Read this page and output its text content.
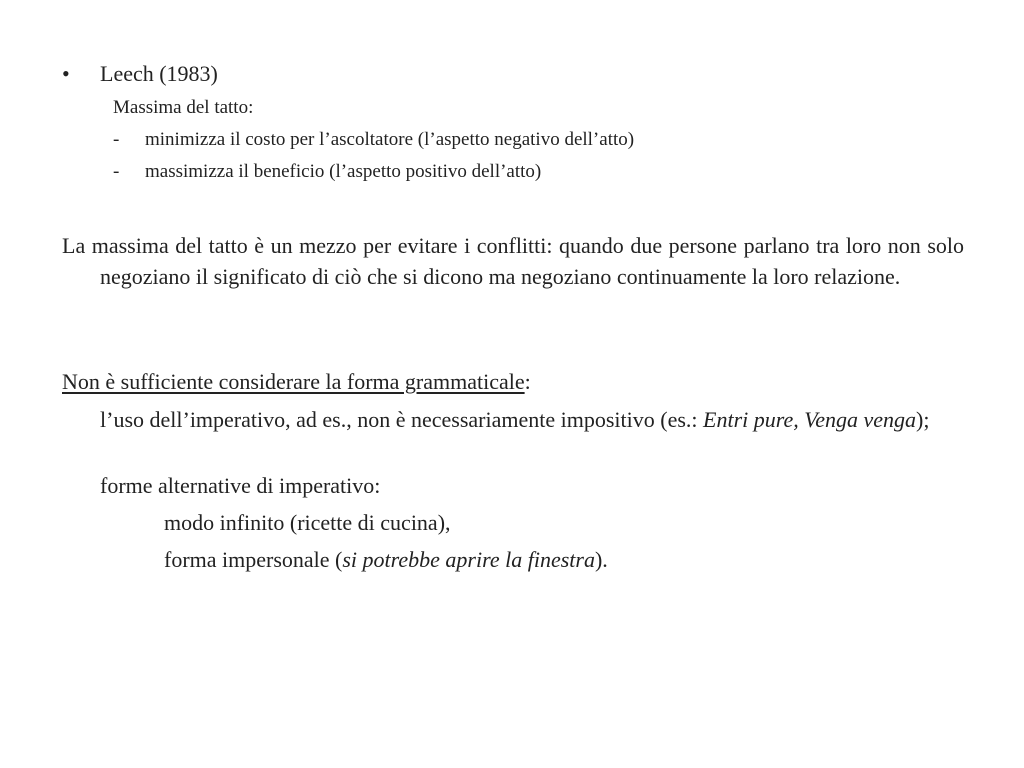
• Leech (1983)
Massima del tatto:
- minimizza il costo per l’ascoltatore (l’aspetto negativo dell’atto)
- massimizza il beneficio (l’aspetto positivo dell’atto)
La massima del tatto è un mezzo per evitare i conflitti: quando due persone parlano tra loro non solo negoziano il significato di ciò che si dicono ma negoziano continuamente la loro relazione.
Non è sufficiente considerare la forma grammaticale:
l’uso dell’imperativo, ad es., non è necessariamente impositivo (es.: Entri pure, Venga venga);
forme alternative di imperativo:
modo infinito (ricette di cucina),
forma impersonale (si potrebbe aprire la finestra).
